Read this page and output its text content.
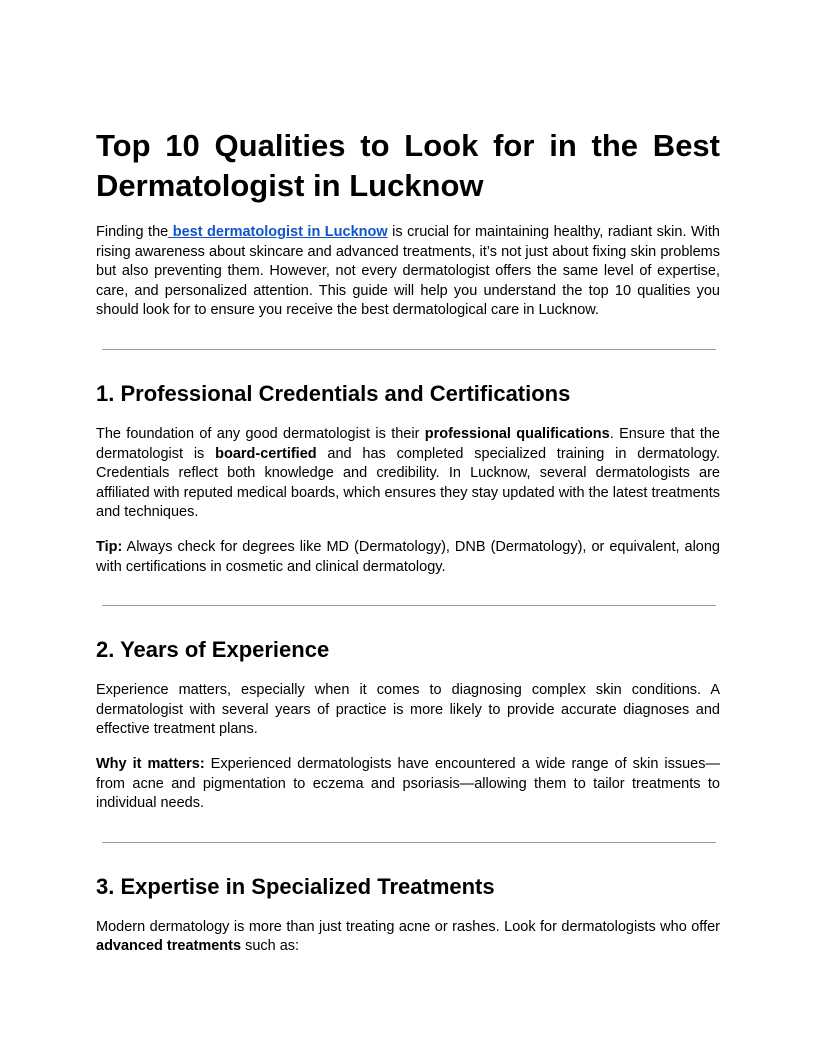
Top 10 Qualities to Look for in the Best
Dermatologist in Lucknow

Finding the best dermatologist in Lucknow is crucial for maintaining healthy, radiant skin. With rising awareness about skincare and advanced treatments, it’s not just about fixing skin problems but also preventing them. However, not every dermatologist offers the same level of expertise, care, and personalized attention. This guide will help you understand the top 10 qualities you should look for to ensure you receive the best dermatological care in Lucknow.

1. Professional Credentials and Certifications

The foundation of any good dermatologist is their professional qualifications. Ensure that the dermatologist is board-certified and has completed specialized training in dermatology. Credentials reflect both knowledge and credibility. In Lucknow, several dermatologists are affiliated with reputed medical boards, which ensures they stay updated with the latest treatments and techniques.

Tip: Always check for degrees like MD (Dermatology), DNB (Dermatology), or equivalent, along with certifications in cosmetic and clinical dermatology.

2. Years of Experience

Experience matters, especially when it comes to diagnosing complex skin conditions. A dermatologist with several years of practice is more likely to provide accurate diagnoses and effective treatment plans.

Why it matters: Experienced dermatologists have encountered a wide range of skin issues—from acne and pigmentation to eczema and psoriasis—allowing them to tailor treatments to individual needs.

3. Expertise in Specialized Treatments

Modern dermatology is more than just treating acne or rashes. Look for dermatologists who offer advanced treatments such as:
